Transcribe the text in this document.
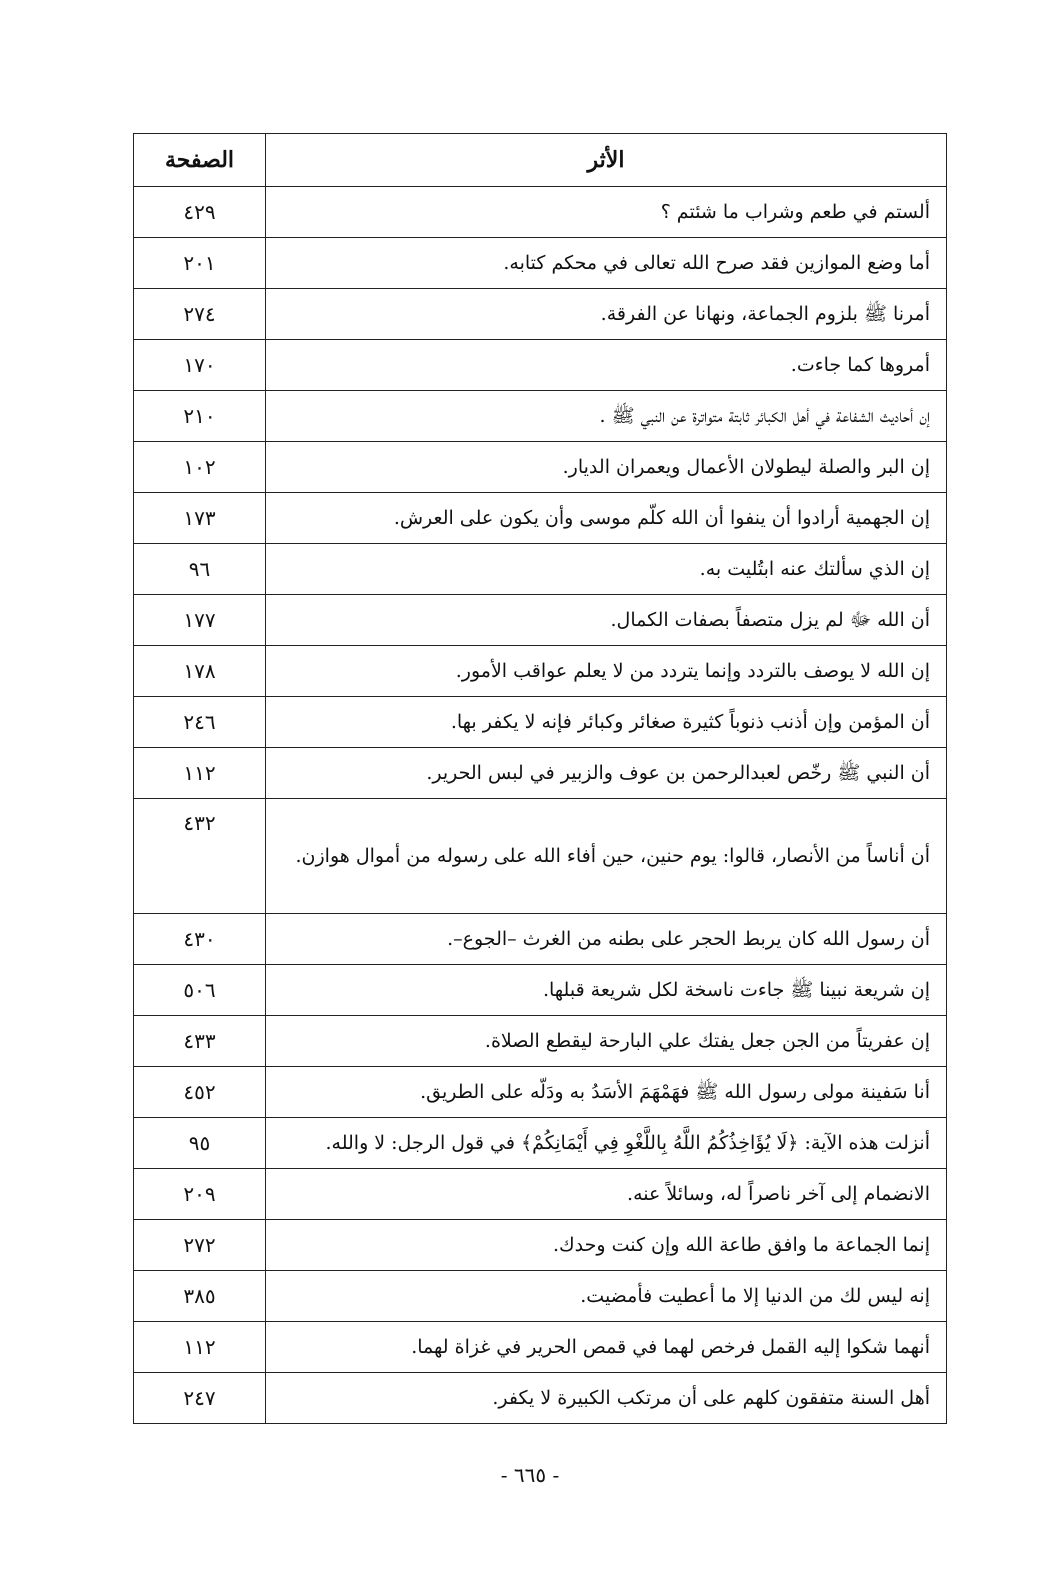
الأثر	الصفحة
ألستم في طعم وشراب ما شئتم ؟	٤٢٩
أما وضع الموازين فقد صرح الله تعالى في محكم كتابه.	٢٠١
أمرنا ﷺ بلزوم الجماعة، ونهانا عن الفرقة.	٢٧٤
أمروها كما جاءت.	١٧٠
إن أحاديث الشفاعة في أهل الكبائر ثابتة متواترة عن النبي ﷺ .	٢١٠
إن البر والصلة ليطولان الأعمال ويعمران الديار.	١٠٢
إن الجهمية أرادوا أن ينفوا أن الله كلّم موسى وأن يكون على العرش.	١٧٣
إن الذي سألتك عنه ابتُليت به.	٩٦
أن الله ﷻ لم يزل متصفاً بصفات الكمال.	١٧٧
إن الله لا يوصف بالتردد وإنما يتردد من لا يعلم عواقب الأمور.	١٧٨
أن المؤمن وإن أذنب ذنوباً كثيرة صغائر وكبائر فإنه لا يكفر بها.	٢٤٦
أن النبي ﷺ رخّص لعبدالرحمن بن عوف والزبير في لبس الحرير.	١١٢
أن أناساً من الأنصار، قالوا: يوم حنين، حين أفاء الله على رسوله من أموال هوازن.	٤٣٢
أن رسول الله كان يربط الحجر على بطنه من الغرث –الجوع–.	٤٣٠
إن شريعة نبينا ﷺ جاءت ناسخة لكل شريعة قبلها.	٥٠٦
إن عفريتاً من الجن جعل يفتك علي البارحة ليقطع الصلاة.	٤٣٣
أنا سَفينة مولى رسول الله ﷺ فهَمْهَمَ الأسَدُ به ودَلّه على الطريق.	٤٥٢
أنزلت هذه الآية: ﴿لَا يُؤَاخِذُكُمُ اللَّهُ بِاللَّغْوِ فِي أَيْمَانِكُمْ﴾ في قول الرجل: لا والله.	٩٥
الانضمام إلى آخر ناصراً له، وسائلاً عنه.	٢٠٩
إنما الجماعة ما وافق طاعة الله وإن كنت وحدك.	٢٧٢
إنه ليس لك من الدنيا إلا ما أعطيت فأمضيت.	٣٨٥
أنهما شكوا إليه القمل فرخص لهما في قمص الحرير في غزاة لهما.	١١٢
أهل السنة متفقون كلهم على أن مرتكب الكبيرة لا يكفر.	٢٤٧
- ٦٦٥ -
